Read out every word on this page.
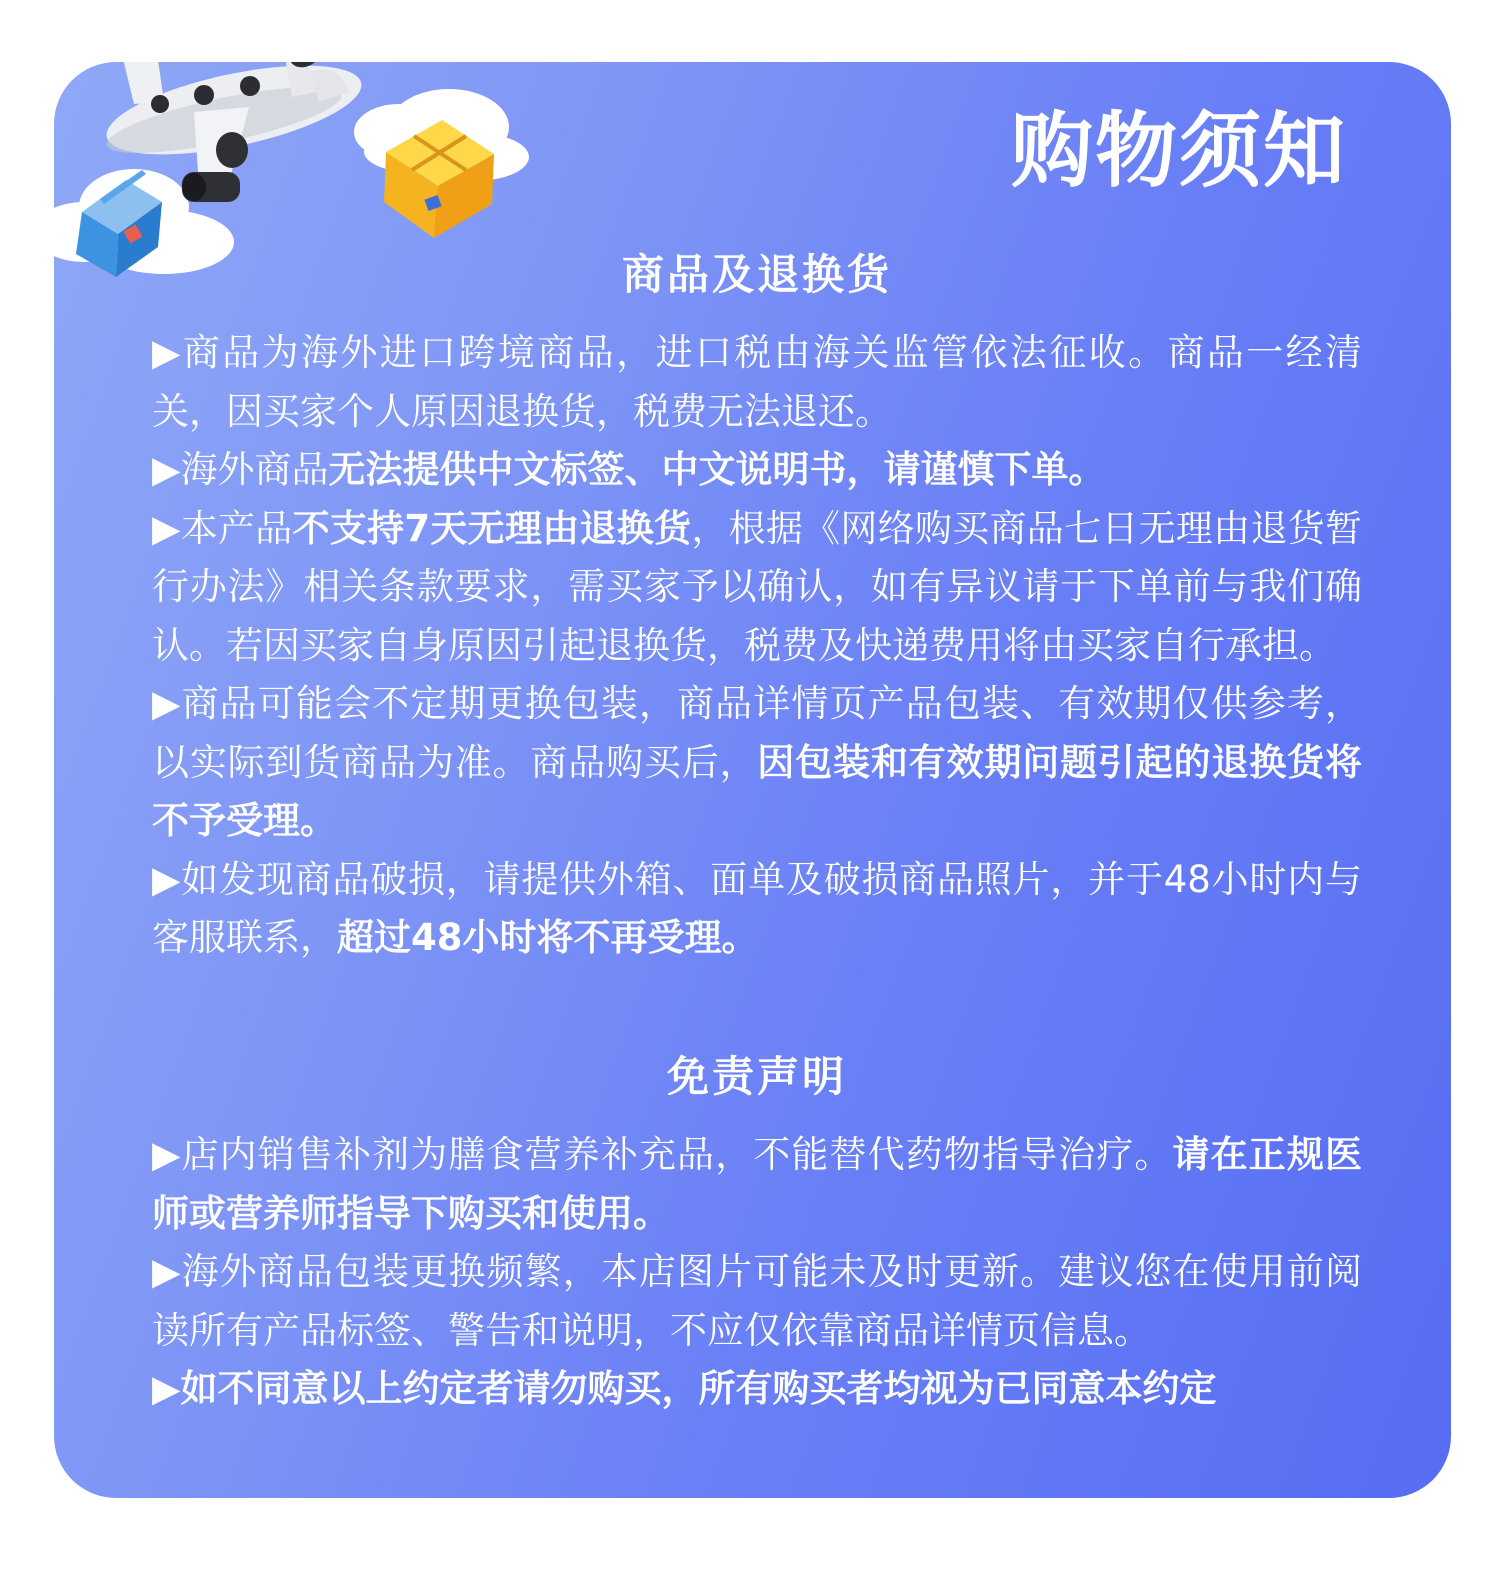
购物须知
商品及退换货

▶商品为海外进口跨境商品，进口税由海关监管依法征收。商品一经清关，因买家个人原因退换货，税费无法退还。

▶海外商品无法提供中文标签、中文说明书，请谨慎下单。

▶本产品不支持7天无理由退换货，根据《网络购买商品七日无理由退货暂行办法》相关条款要求，需买家予以确认，如有异议请于下单前与我们确认。若因买家自身原因引起退换货，税费及快递费用将由买家自行承担。

▶商品可能会不定期更换包装，商品详情页产品包装、有效期仅供参考，以实际到货商品为准。商品购买后，因包装和有效期问题引起的退换货将不予受理。

▶如发现商品破损，请提供外箱、面单及破损商品照片，并于48小时内与客服联系，超过48小时将不再受理。

免责声明

▶店内销售补剂为膳食营养补充品，不能替代药物指导治疗。请在正规医师或营养师指导下购买和使用。

▶海外商品包装更换频繁，本店图片可能未及时更新。建议您在使用前阅读所有产品标签、警告和说明，不应仅依靠商品详情页信息。

▶如不同意以上约定者请勿购买，所有购买者均视为已同意本约定
